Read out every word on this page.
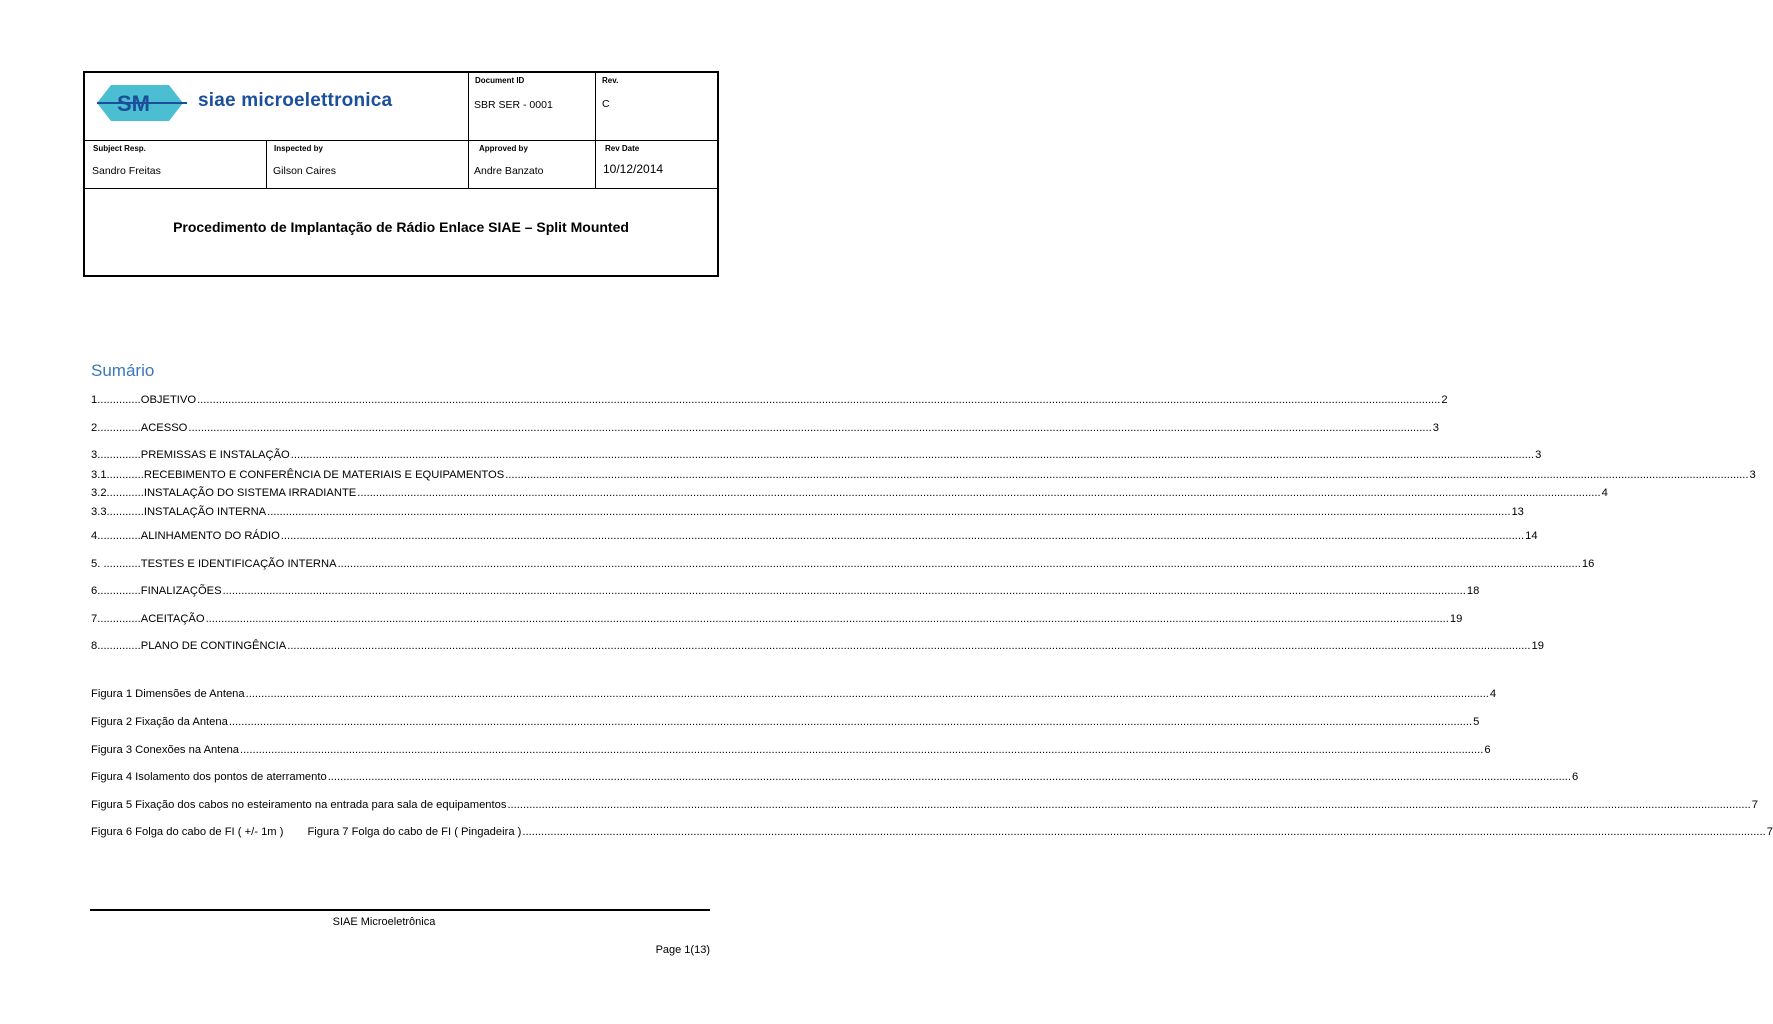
SM	siae microelettronica
Document ID
SBR SER - 0001
Rev.
C
Subject Resp.
Sandro Freitas
Inspected by
Gilson Caires
Approved by
Andre Banzato
Rev Date
10/12/2014
Procedimento de Implantação de Rádio Enlace SIAE – Split Mounted
Sumário
1.............. OBJETIVO ................................................................................................................................................................................................................................................................................................................................................................................................................ 2
2.............. ACESSO ................................................................................................................................................................................................................................................................................................................................................................................................................ 3
3.............. PREMISSAS E INSTALAÇÃO ................................................................................................................................................................................................................................................................................................................................................................................................................ 3
3.1............ RECEBIMENTO E CONFERÊNCIA DE MATERIAIS E EQUIPAMENTOS ................................................................................................................................................................................................................................................................................................................................................................................................................ 3
3.2............ INSTALAÇÃO DO SISTEMA IRRADIANTE ................................................................................................................................................................................................................................................................................................................................................................................................................ 4
3.3............ INSTALAÇÃO INTERNA ................................................................................................................................................................................................................................................................................................................................................................................................................ 13
4.............. ALINHAMENTO DO RÁDIO ................................................................................................................................................................................................................................................................................................................................................................................................................ 14
5. ............ TESTES E IDENTIFICAÇÃO INTERNA ................................................................................................................................................................................................................................................................................................................................................................................................................ 16
6.............. FINALIZAÇÕES ................................................................................................................................................................................................................................................................................................................................................................................................................ 18
7.............. ACEITAÇÃO ................................................................................................................................................................................................................................................................................................................................................................................................................ 19
8.............. PLANO DE CONTINGÊNCIA ................................................................................................................................................................................................................................................................................................................................................................................................................ 19
Figura 1 Dimensões de Antena ................................................................................................................................................................................................................................................................................................................................................................................................................ 4
Figura 2 Fixação da Antena ................................................................................................................................................................................................................................................................................................................................................................................................................ 5
Figura 3 Conexões na Antena ................................................................................................................................................................................................................................................................................................................................................................................................................ 6
Figura 4 Isolamento dos pontos de aterramento ................................................................................................................................................................................................................................................................................................................................................................................................................ 6
Figura 5 Fixação dos cabos no esteiramento na entrada para sala de equipamentos ................................................................................................................................................................................................................................................................................................................................................................................................................ 7
Figura 6 Folga do cabo de FI ( +/- 1m ) Figura 7 Folga do cabo de FI ( Pingadeira ) ................................................................................................................................................................................................................................................................................................................................................................................................................ 7
SIAE Microeletrônica
Page 1(13)
